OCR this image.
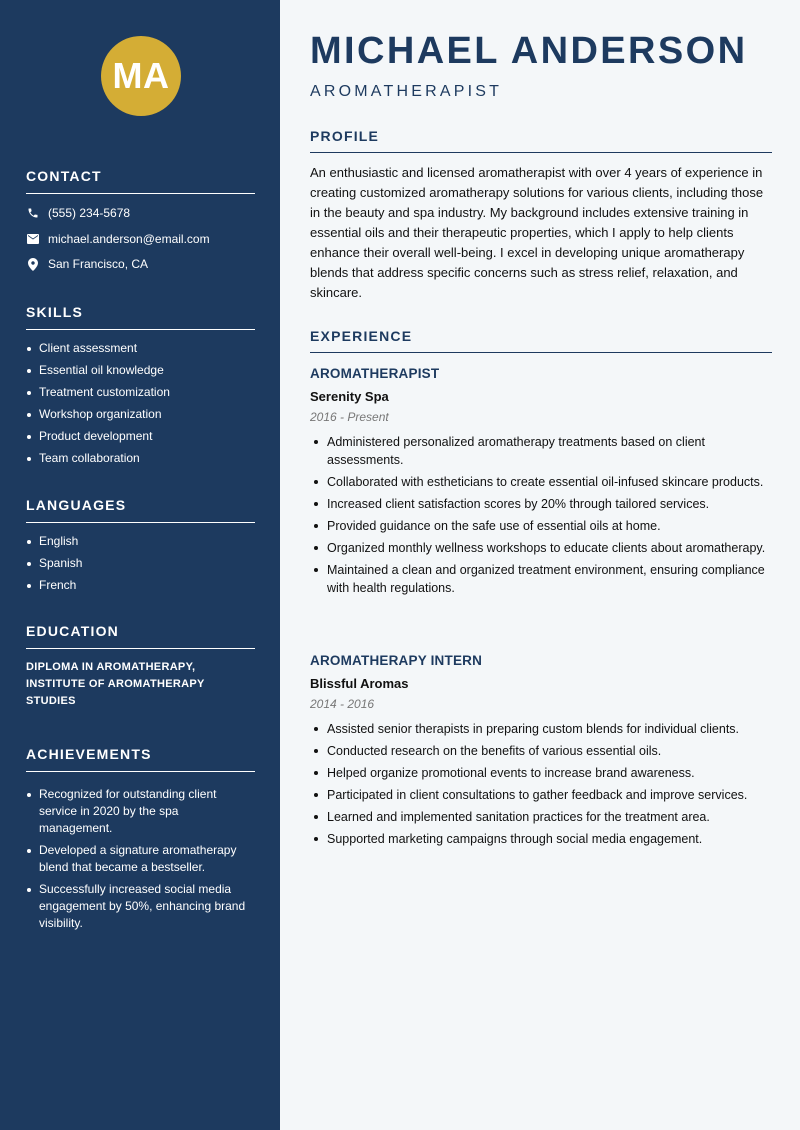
MA
CONTACT
(555) 234-5678
michael.anderson@email.com
San Francisco, CA
SKILLS
Client assessment
Essential oil knowledge
Treatment customization
Workshop organization
Product development
Team collaboration
LANGUAGES
English
Spanish
French
EDUCATION
DIPLOMA IN AROMATHERAPY, INSTITUTE OF AROMATHERAPY STUDIES
ACHIEVEMENTS
Recognized for outstanding client service in 2020 by the spa management.
Developed a signature aromatherapy blend that became a bestseller.
Successfully increased social media engagement by 50%, enhancing brand visibility.
MICHAEL ANDERSON
AROMATHERAPIST
PROFILE
An enthusiastic and licensed aromatherapist with over 4 years of experience in creating customized aromatherapy solutions for various clients, including those in the beauty and spa industry. My background includes extensive training in essential oils and their therapeutic properties, which I apply to help clients enhance their overall well-being. I excel in developing unique aromatherapy blends that address specific concerns such as stress relief, relaxation, and skincare.
EXPERIENCE
AROMATHERAPIST
Serenity Spa
2016 - Present
Administered personalized aromatherapy treatments based on client assessments.
Collaborated with estheticians to create essential oil-infused skincare products.
Increased client satisfaction scores by 20% through tailored services.
Provided guidance on the safe use of essential oils at home.
Organized monthly wellness workshops to educate clients about aromatherapy.
Maintained a clean and organized treatment environment, ensuring compliance with health regulations.
AROMATHERAPY INTERN
Blissful Aromas
2014 - 2016
Assisted senior therapists in preparing custom blends for individual clients.
Conducted research on the benefits of various essential oils.
Helped organize promotional events to increase brand awareness.
Participated in client consultations to gather feedback and improve services.
Learned and implemented sanitation practices for the treatment area.
Supported marketing campaigns through social media engagement.
